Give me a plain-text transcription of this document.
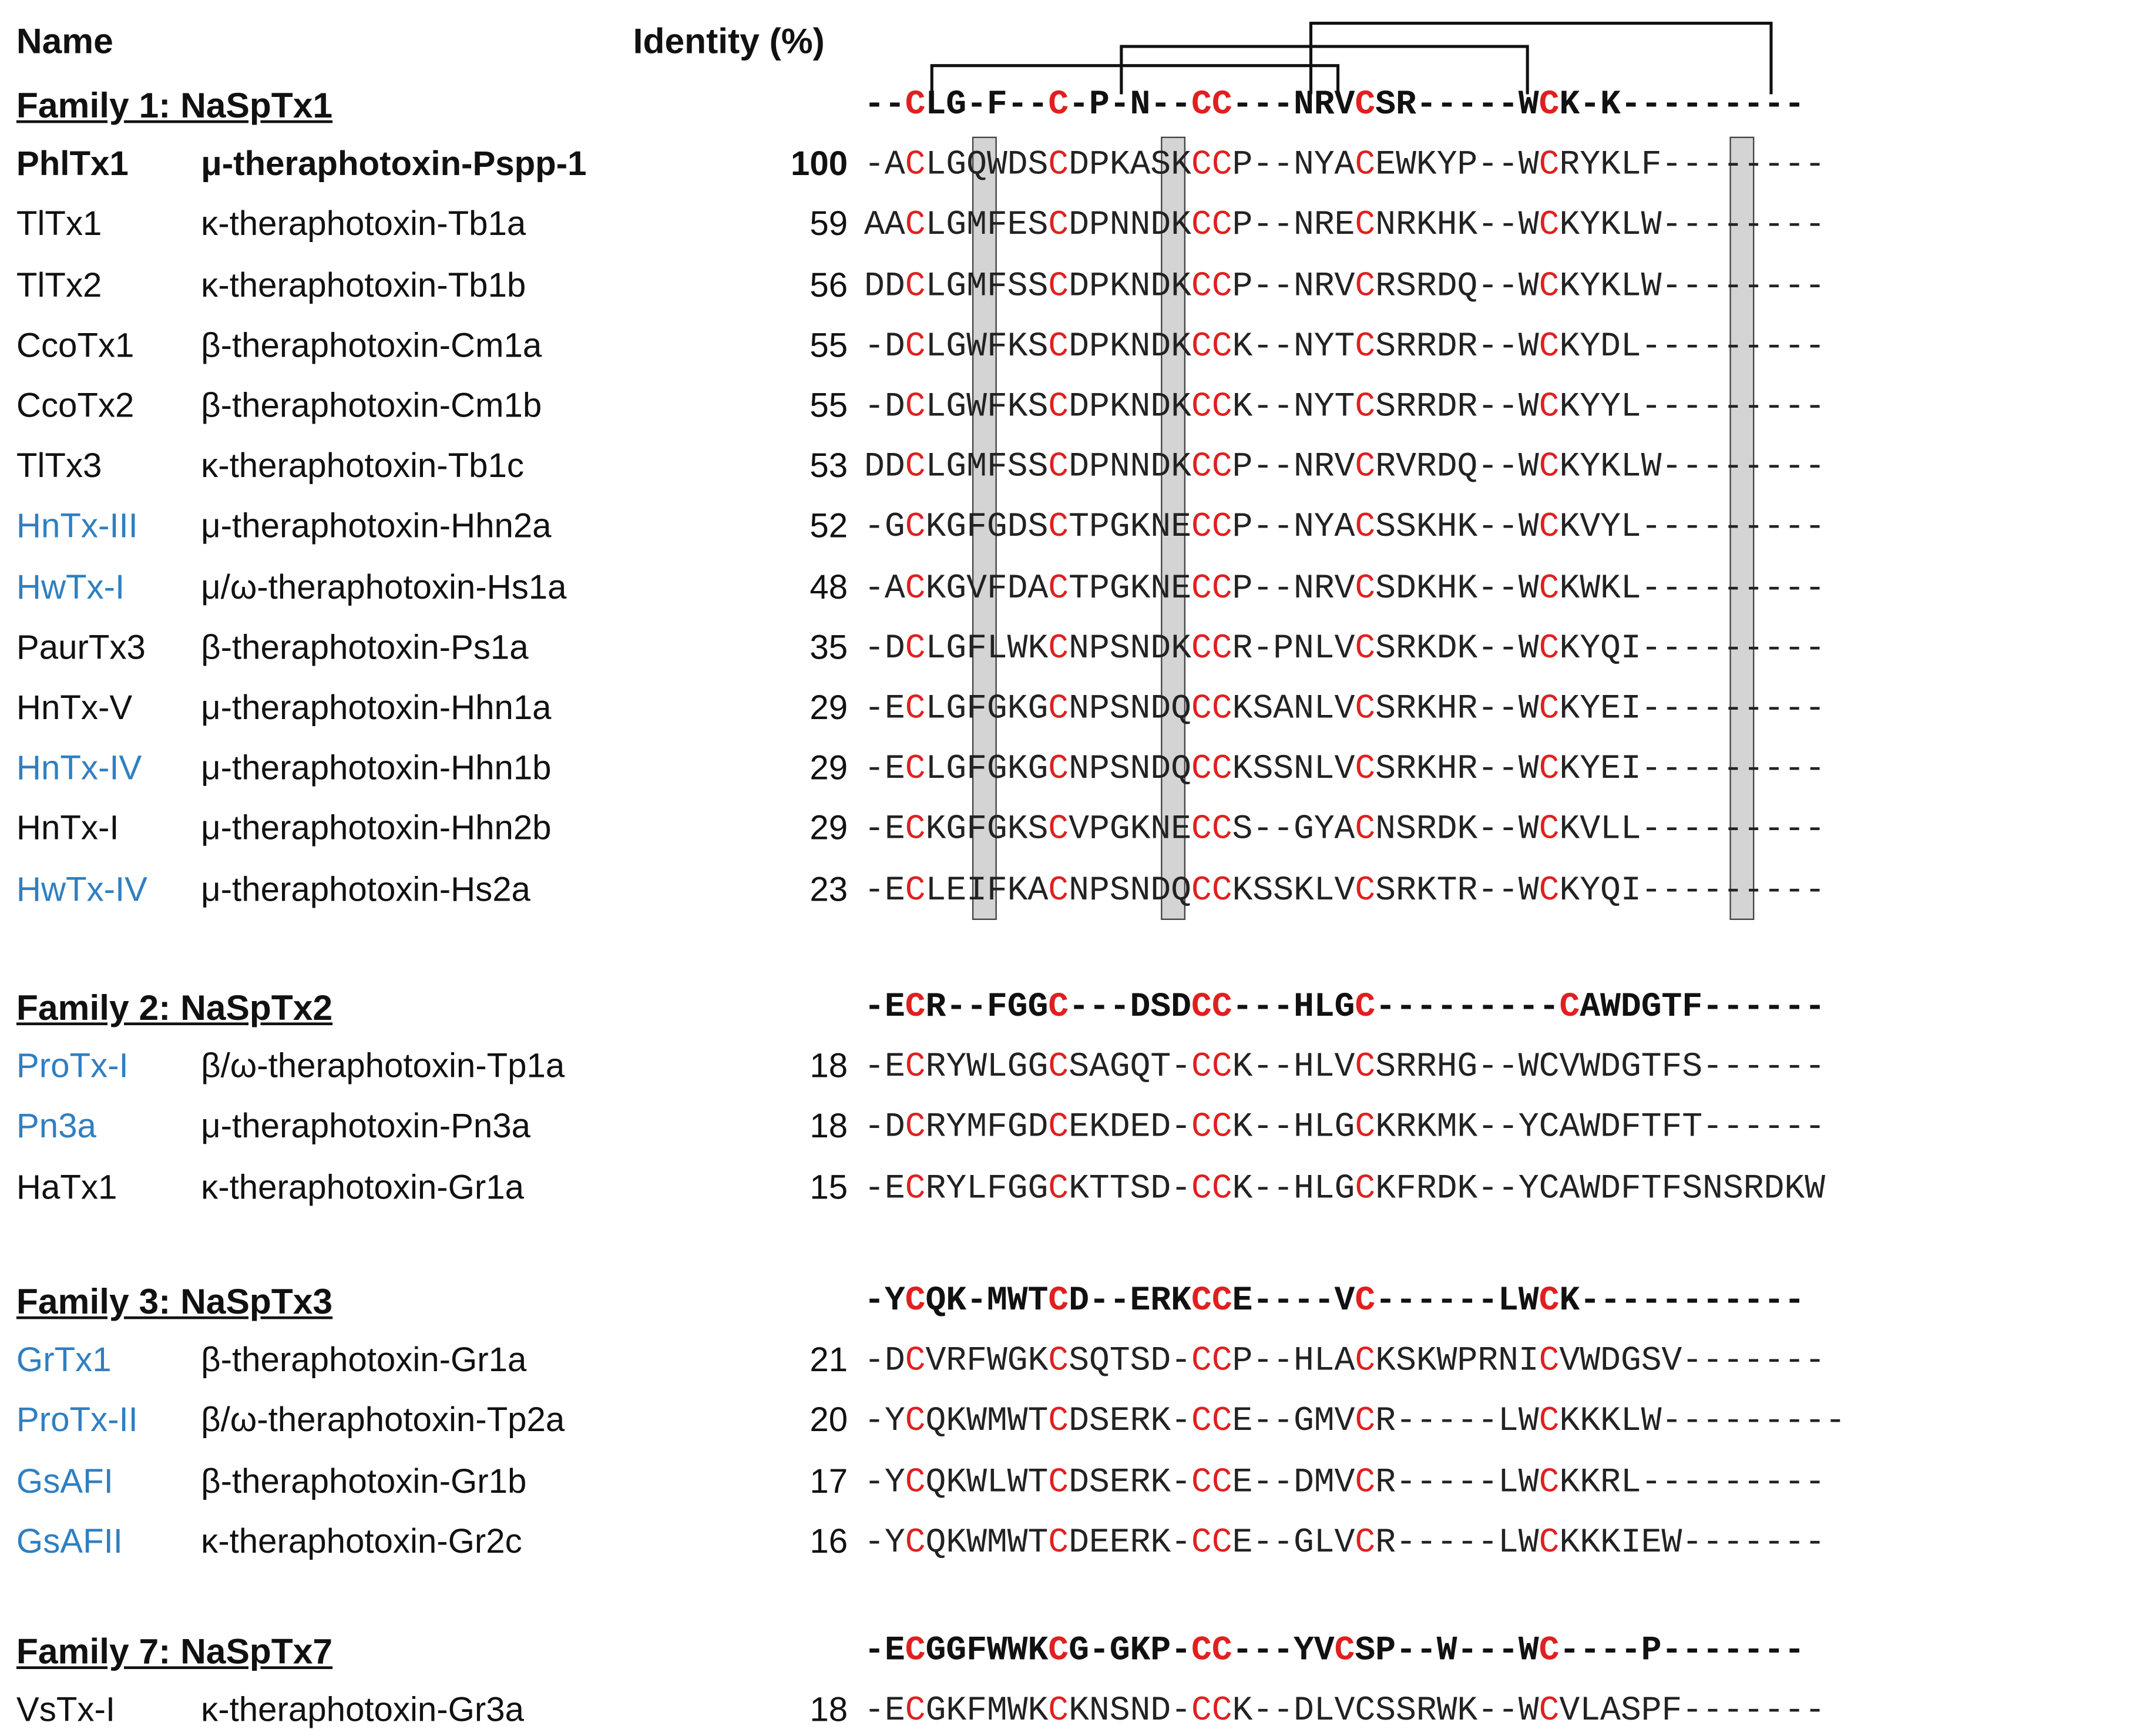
Name	Identity (%)
Family 1: NaSpTx1	--CLG-F--C-P-N--CC---NRVCSR-----WCK-K---------
PhlTx1	μ-theraphotoxin-Pspp-1	100 -ACLGQWDSCDPKASKCCP--NYACEWKYP--WCRYKLF--------
TlTx1	κ-theraphotoxin-Tb1a	59 AACLGMFESCDPNNDKCCP--NRECNRKHK--WCKYKLW--------
TlTx2	κ-theraphotoxin-Tb1b	56 DDCLGMFSSCDPKNDKCCP--NRVCRSRDQ--WCKYKLW--------
CcoTx1	β-theraphotoxin-Cm1a	55 -DCLGWFKSCDPKNDKCCK--NYTCSRRDR--WCKYDL---------
CcoTx2	β-theraphotoxin-Cm1b	55 -DCLGWFKSCDPKNDKCCK--NYTCSRRDR--WCKYYL---------
TlTx3	κ-theraphotoxin-Tb1c	53 DDCLGMFSSCDPNNDKCCP--NRVCRVRDQ--WCKYKLW--------
HnTx-III	μ-theraphotoxin-Hhn2a	52 -GCKGFGDSCTPGKNECCP--NYACSSKHK--WCKVYL---------
HwTx-I	μ/ω-theraphotoxin-Hs1a	48 -ACKGVFDACTPGKNECCP--NRVCSDKHK--WCKWKL---------
PaurTx3	β-theraphotoxin-Ps1a	35 -DCLGFLWKCNPSNDKCCR-PNLVCSRKDK--WCKYQI---------
HnTx-V	μ-theraphotoxin-Hhn1a	29 -ECLGFGKGCNPSNDQCCKSANLVCSRKHR--WCKYEI---------
HnTx-IV	μ-theraphotoxin-Hhn1b	29 -ECLGFGKGCNPSNDQCCKSSNLVCSRKHR--WCKYEI---------
HnTx-I	μ-theraphotoxin-Hhn2b	29 -ECKGFGKSCVPGKNECCS--GYACNSRDK--WCKVLL---------
HwTx-IV	μ-theraphotoxin-Hs2a	23 -ECLEIFKACNPSNDQCCKSSKLVCSRKTR--WCKYQI---------
Family 2: NaSpTx2	-ECR--FGGC---DSDCC---HLGC---------CAWDGTF------
ProTx-I	β/ω-theraphotoxin-Tp1a	18 -ECRYWLGGCSAGQT-CCK--HLVCSRRHG--WCVWDGTFS------
Pn3a	μ-theraphotoxin-Pn3a	18 -DCRYMFGDCEKDED-CCK--HLGCKRKMK--YCAWDFTFT------
HaTx1	κ-theraphotoxin-Gr1a	15 -ECRYLFGGCKTTSD-CCK--HLGCKFRDK--YCAWDFTFSNSRDKW
Family 3: NaSpTx3	-YCQK-MWTCD--ERKCCE----VC------LWCK-----------
GrTx1	β-theraphotoxin-Gr1a	21 -DCVRFWGKCSQTSD-CCP--HLACKSKWPRNICVWDGSV-------
ProTx-II	β/ω-theraphotoxin-Tp2a	20 -YCQKWMWTCDSERK-CCE--GMVCR-----LWCKKKLW---------
GsAFI	β-theraphotoxin-Gr1b	17 -YCQKWLWTCDSERK-CCE--DMVCR-----LWCKKRL---------
GsAFII	κ-theraphotoxin-Gr2c	16 -YCQKWMWTCDEERK-CCE--GLVCR-----LWCKKKIEW-------
Family 7: NaSpTx7	-ECGGFWWKCG-GKP-CC---YVCSP--W---WC----P-------
VsTx-I	κ-theraphotoxin-Gr3a	18 -ECGKFMWKCKNSND-CCK--DLVCSSRWK--WCVLASPF-------
